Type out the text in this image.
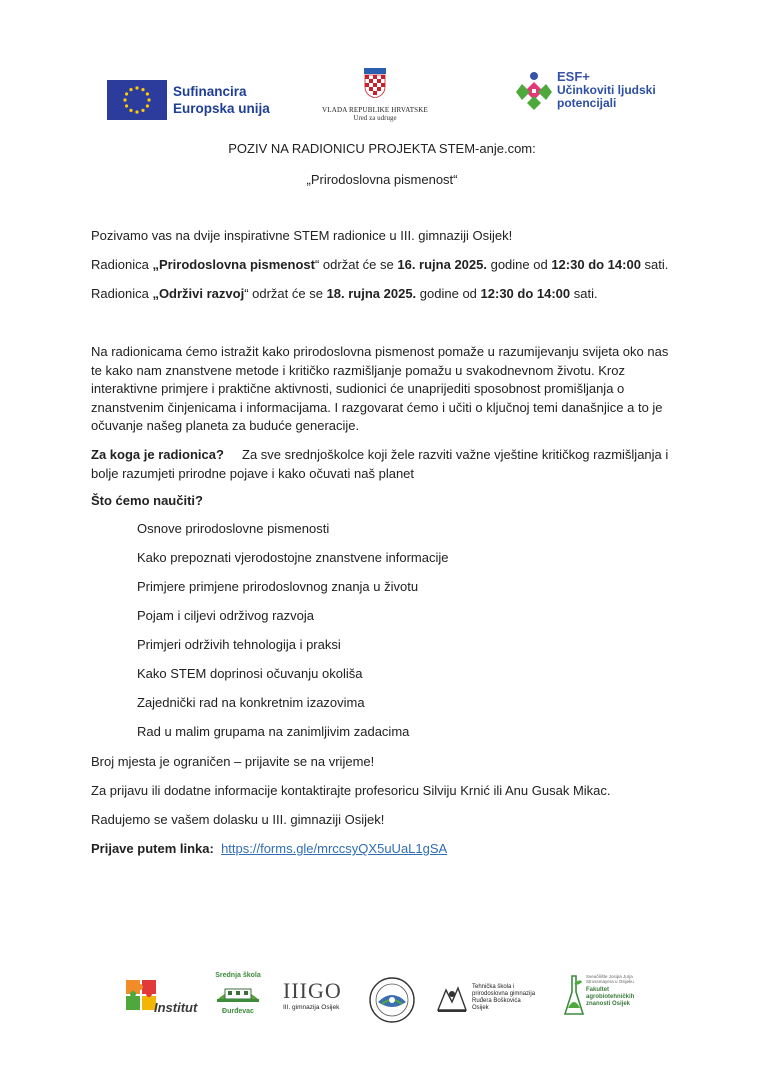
Sufinancira
Europska unija	VLADA REPUBLIKE HRVATSKE
Ured za udruge
ESF+
Učinkoviti ljudski
potencijali
POZIV NA RADIONICU PROJEKTA STEM-anje.com:
„Prirodoslovna pismenost“
Pozivamo vas na dvije inspirativne STEM radionice u III. gimnaziji Osijek!
Radionica „Prirodoslovna pismenost“ održat će se 16. rujna 2025. godine od 12:30 do 14:00 sati.
Radionica „Održivi razvoj“ održat će se 18. rujna 2025. godine od 12:30 do 14:00 sati.
Na radionicama ćemo istražit kako prirodoslovna pismenost pomaže u razumijevanju svijeta oko nas te kako nam znanstvene metode i kritičko razmišljanje pomažu u svakodnevnom životu. Kroz interaktivne primjere i praktične aktivnosti, sudionici će unaprijediti sposobnost promišljanja o znanstvenim činjenicama i informacijama. I razgovarat ćemo i učiti o ključnoj temi današnjice a to je očuvanje našeg planeta za buduće generacije.
Za koga je radionica? Za sve srednjoškolce koji žele razviti važne vještine kritičkog razmišljanja i bolje razumjeti prirodne pojave i kako očuvati naš planet
Što ćemo naučiti?
Osnove prirodoslovne pismenosti
Kako prepoznati vjerodostojne znanstvene informacije
Primjere primjene prirodoslovnog znanja u životu
Pojam i ciljevi održivog razvoja
Primjeri održivih tehnologija i praksi
Kako STEM doprinosi očuvanju okoliša
Zajednički rad na konkretnim izazovima
Rad u malim grupama na zanimljivim zadacima
Broj mjesta je ograničen – prijavite se na vrijeme!
Za prijavu ili dodatne informacije kontaktirajte profesoricu Silviju Krnić ili Anu Gusak Mikac.
Radujemo se vašem dolasku u III. gimnaziji Osijek!
Prijave putem linka: https://forms.gle/mrccsyQX5uUaL1gSA
Institut
Srednja škola
Đurđevac
IIIGO
III. gimnazija Osijek
Tehnička škola i
prirodoslovna gimnazija
Ruđera Boškovića
Osijek
Sveučilište Josipa Jurja Strossmayera u Osijeku
Fakultet
agrobiotehničkih
znanosti Osijek
